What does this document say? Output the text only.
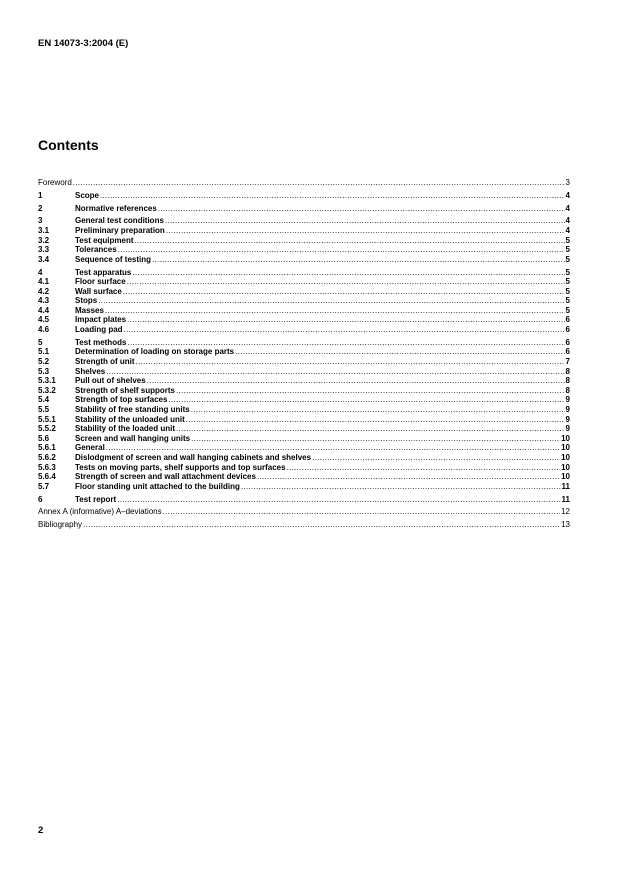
EN 14073-3:2004 (E)
Contents
Foreword .....	3
1	Scope .....	4
2	Normative references .....	4
3	General test conditions .....	4
3.1	Preliminary preparation .....	4
3.2	Test equipment .....	5
3.3	Tolerances .....	5
3.4	Sequence of testing .....	5
4	Test apparatus .....	5
4.1	Floor surface .....	5
4.2	Wall surface .....	5
4.3	Stops .....	5
4.4	Masses .....	5
4.5	Impact plates .....	6
4.6	Loading pad .....	6
5	Test methods .....	6
5.1	Determination of loading on storage parts .....	6
5.2	Strength of unit .....	7
5.3	Shelves .....	8
5.3.1	Pull out of shelves .....	8
5.3.2	Strength of shelf supports .....	8
5.4	Strength of top surfaces .....	9
5.5	Stability of free standing units .....	9
5.5.1	Stability of the unloaded unit .....	9
5.5.2	Stability of the loaded unit .....	9
5.6	Screen and wall hanging units .....	10
5.6.1	General .....	10
5.6.2	Dislodgment of screen and wall hanging cabinets and shelves .....	10
5.6.3	Tests on moving parts, shelf supports and top surfaces .....	10
5.6.4	Strength of screen and wall attachment devices .....	10
5.7	Floor standing unit attached to the building .....	11
6	Test report .....	11
Annex A (informative) A–deviations .....	12
Bibliography .....	13
2
